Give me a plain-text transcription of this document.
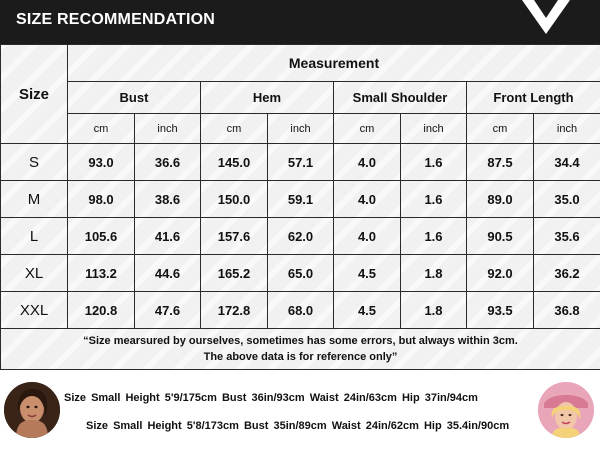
SIZE RECOMMENDATION
Size	Measurement							
	Bust		Hem		Small Shoulder		Front Length	
	cm	inch	cm	inch	cm	inch	cm	inch
S	93.0	36.6	145.0	57.1	4.0	1.6	87.5	34.4
M	98.0	38.6	150.0	59.1	4.0	1.6	89.0	35.0
L	105.6	41.6	157.6	62.0	4.0	1.6	90.5	35.6
XL	113.2	44.6	165.2	65.0	4.5	1.8	92.0	36.2
XXL	120.8	47.6	172.8	68.0	4.5	1.8	93.5	36.8

“Size mearsured by ourselves, sometimes has some errors, but always within 3cm.
The above data is for reference only”								
Size Small Height 5'9/175cm Bust 36in/93cm Waist 24in/63cm Hip 37in/94cm
Size Small Height 5'8/173cm Bust 35in/89cm Waist 24in/62cm Hip 35.4in/90cm
